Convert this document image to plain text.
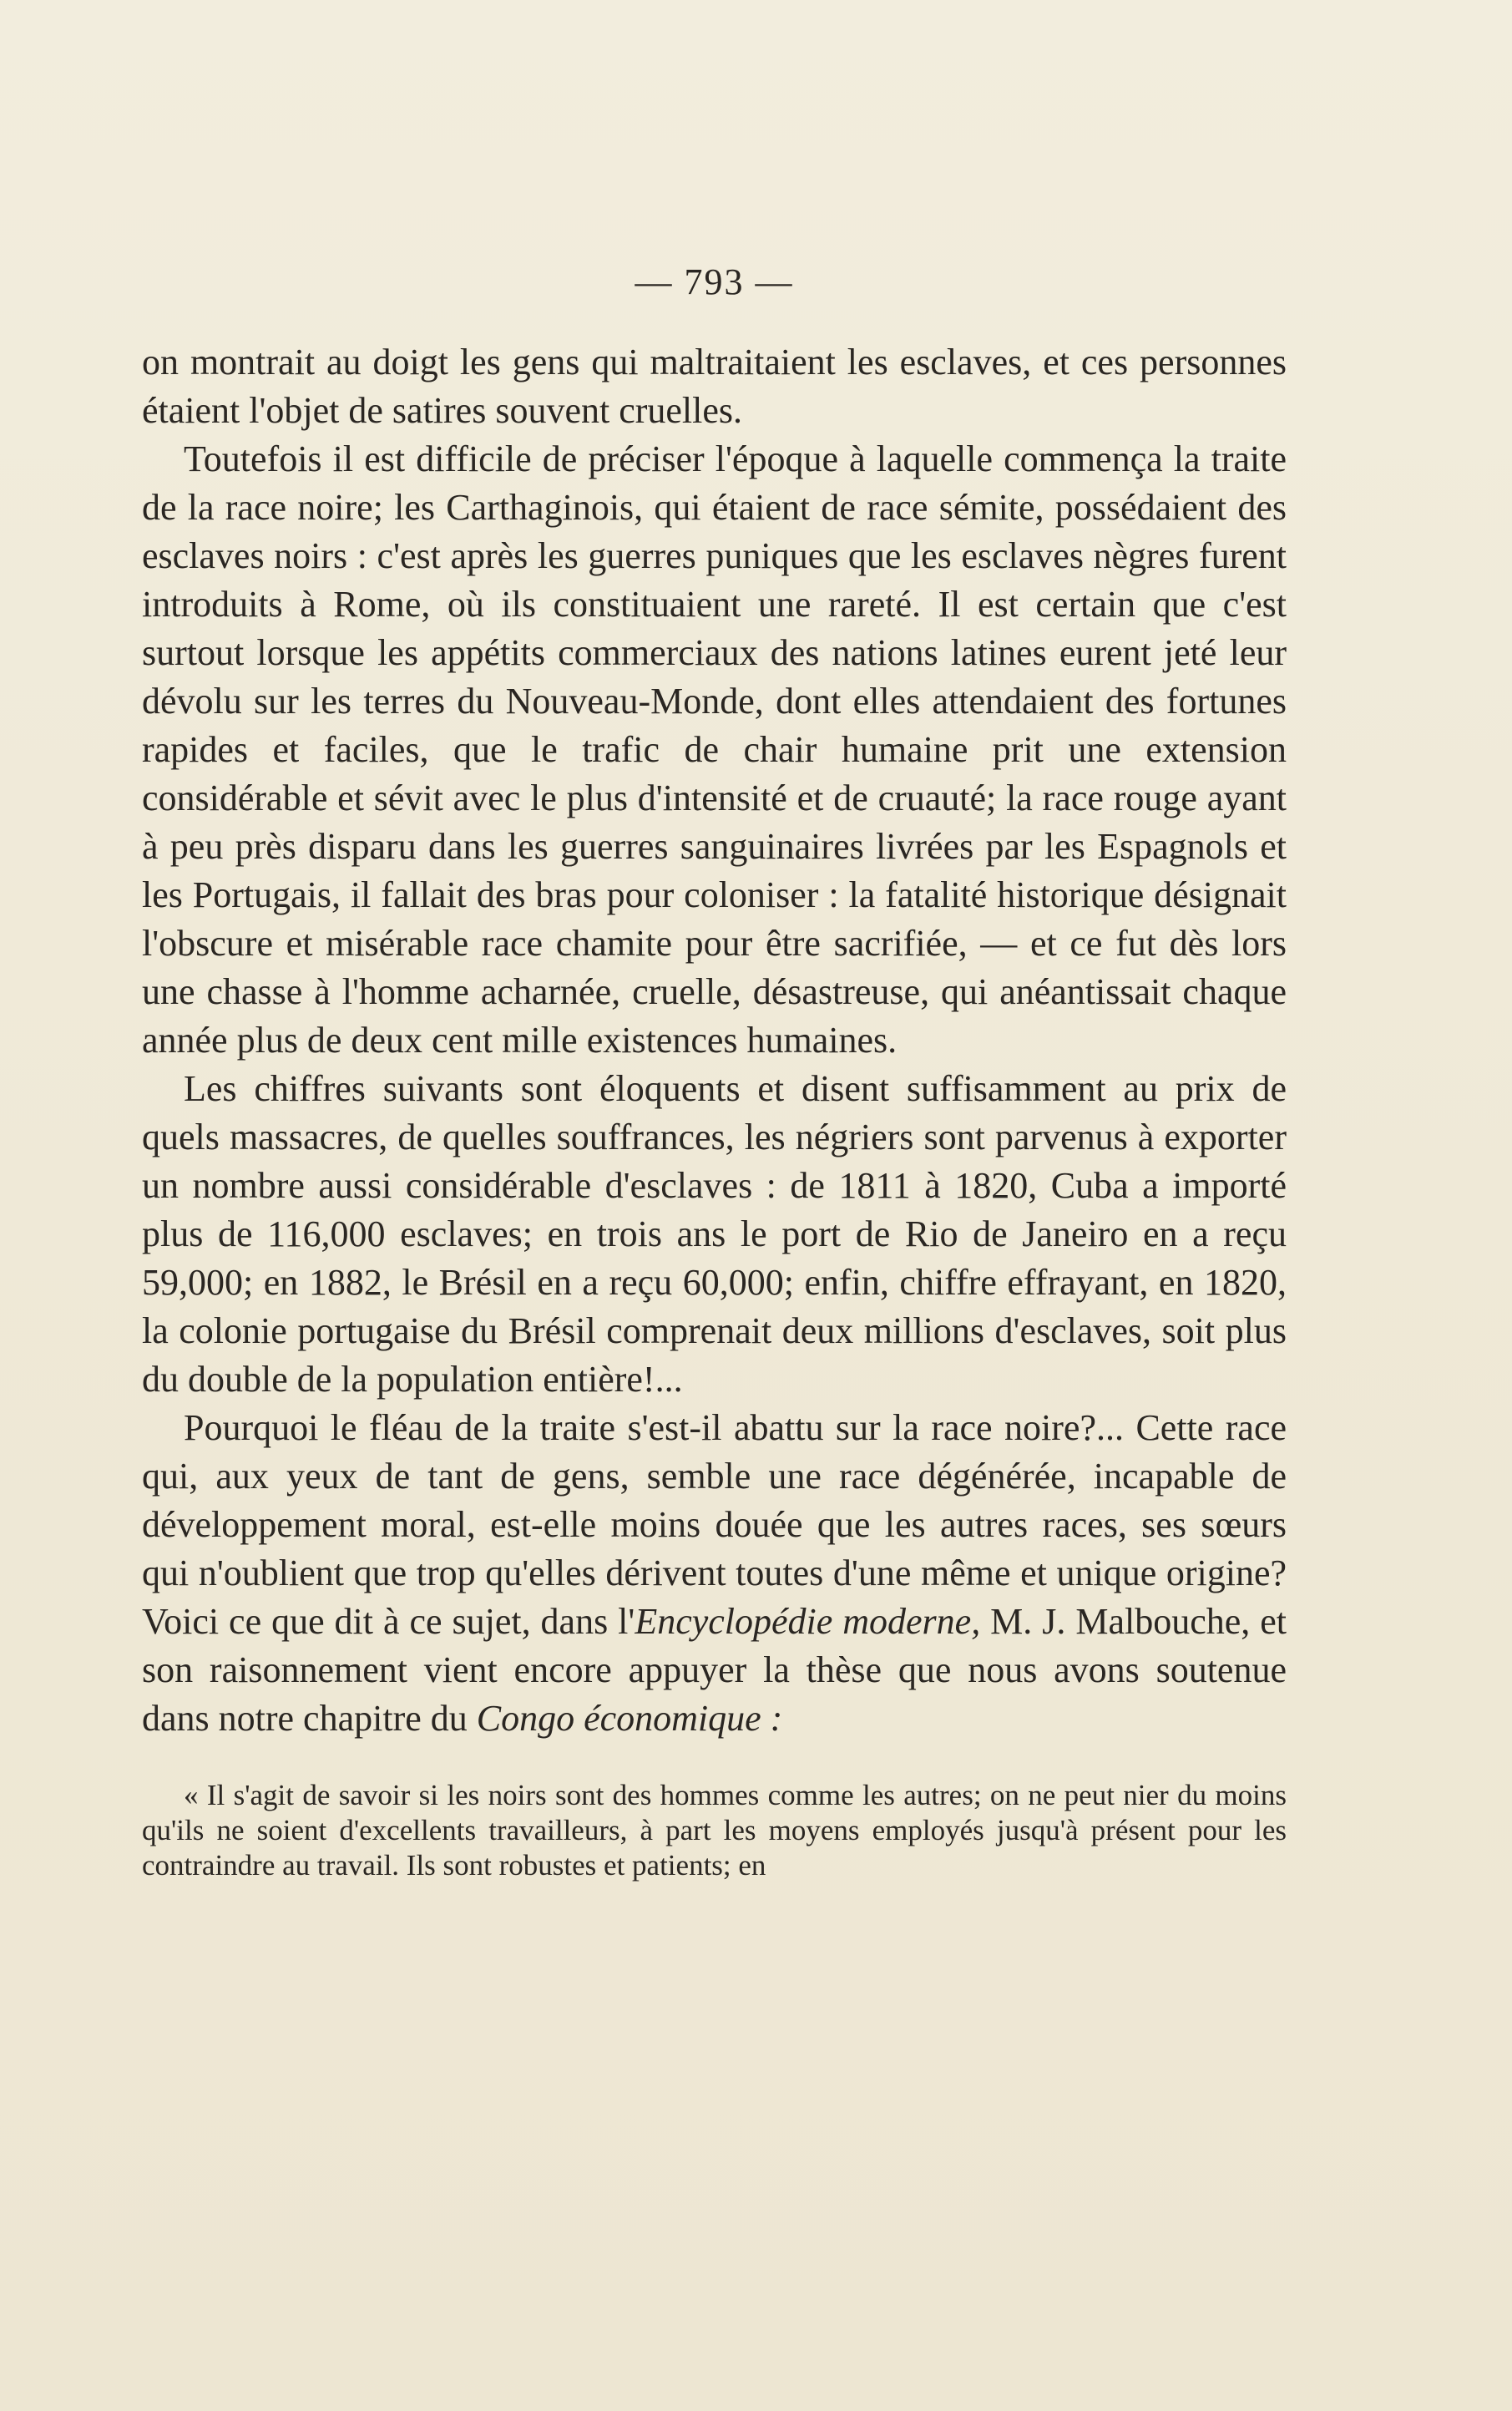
— 793 —

on montrait au doigt les gens qui maltraitaient les esclaves, et ces personnes étaient l'objet de satires souvent cruelles.

Toutefois il est difficile de préciser l'époque à laquelle commença la traite de la race noire; les Carthaginois, qui étaient de race sémite, possédaient des esclaves noirs : c'est après les guerres puniques que les esclaves nègres furent introduits à Rome, où ils constituaient une rareté. Il est certain que c'est surtout lorsque les appétits commerciaux des nations latines eurent jeté leur dévolu sur les terres du Nouveau-Monde, dont elles attendaient des fortunes rapides et faciles, que le trafic de chair humaine prit une extension considérable et sévit avec le plus d'intensité et de cruauté; la race rouge ayant à peu près disparu dans les guerres sanguinaires livrées par les Espagnols et les Portugais, il fallait des bras pour coloniser : la fatalité historique désignait l'obscure et misérable race chamite pour être sacrifiée, — et ce fut dès lors une chasse à l'homme acharnée, cruelle, désastreuse, qui anéantissait chaque année plus de deux cent mille existences humaines.

Les chiffres suivants sont éloquents et disent suffisamment au prix de quels massacres, de quelles souffrances, les négriers sont parvenus à exporter un nombre aussi considérable d'esclaves : de 1811 à 1820, Cuba a importé plus de 116,000 esclaves; en trois ans le port de Rio de Janeiro en a reçu 59,000; en 1882, le Brésil en a reçu 60,000; enfin, chiffre effrayant, en 1820, la colonie portugaise du Brésil comprenait deux millions d'esclaves, soit plus du double de la population entière!...

Pourquoi le fléau de la traite s'est-il abattu sur la race noire?... Cette race qui, aux yeux de tant de gens, semble une race dégénérée, incapable de développement moral, est-elle moins douée que les autres races, ses sœurs qui n'oublient que trop qu'elles dérivent toutes d'une même et unique origine? Voici ce que dit à ce sujet, dans l'Encyclopédie moderne, M. J. Malbouche, et son raisonnement vient encore appuyer la thèse que nous avons soutenue dans notre chapitre du Congo économique :

« Il s'agit de savoir si les noirs sont des hommes comme les autres; on ne peut nier du moins qu'ils ne soient d'excellents travailleurs, à part les moyens employés jusqu'à présent pour les contraindre au travail. Ils sont robustes et patients; en
